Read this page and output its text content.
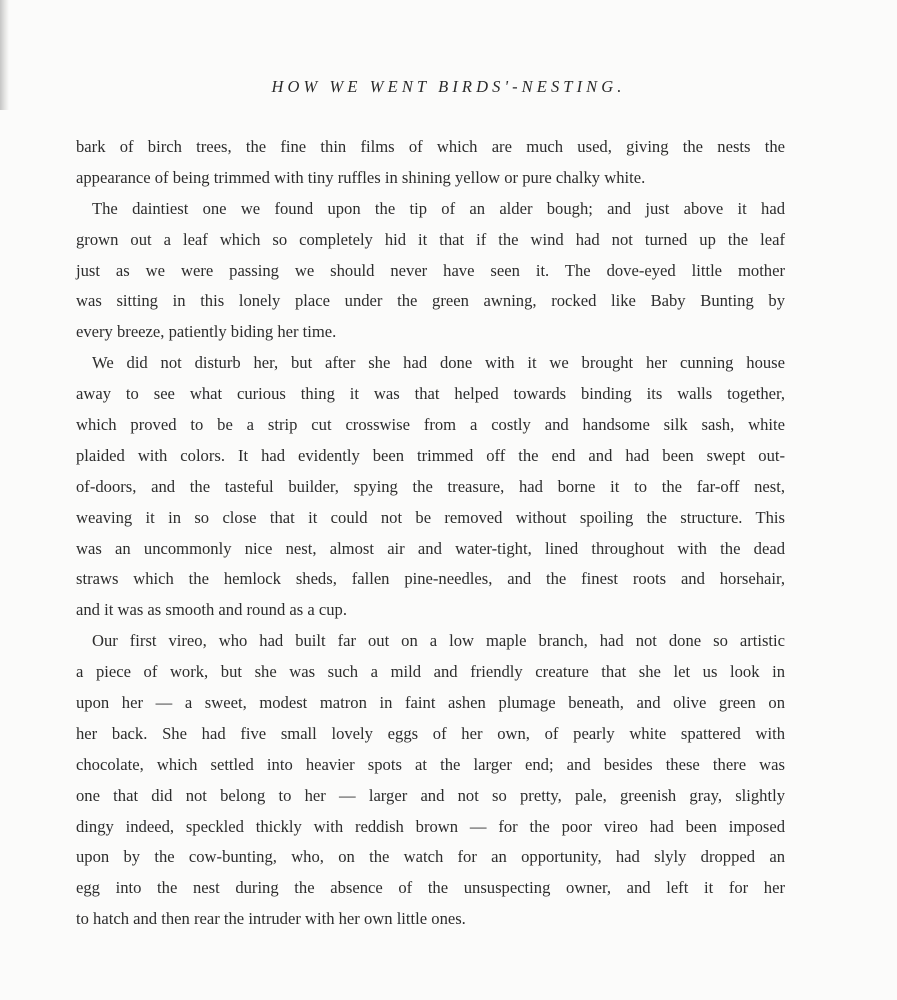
HOW WE WENT BIRDS'-NESTING.
bark of birch trees, the fine thin films of which are much used, giving the nests the
appearance of being trimmed with tiny ruffles in shining yellow or pure chalky white.
The daintiest one we found upon the tip of an alder bough; and just above it had
grown out a leaf which so completely hid it that if the wind had not turned up the leaf
just as we were passing we should never have seen it. The dove-eyed little mother
was sitting in this lonely place under the green awning, rocked like Baby Bunting by
every breeze, patiently biding her time.
We did not disturb her, but after she had done with it we brought her cunning house
away to see what curious thing it was that helped towards binding its walls together,
which proved to be a strip cut crosswise from a costly and handsome silk sash, white
plaided with colors. It had evidently been trimmed off the end and had been swept out-
of-doors, and the tasteful builder, spying the treasure, had borne it to the far-off nest,
weaving it in so close that it could not be removed without spoiling the structure. This
was an uncommonly nice nest, almost air and water-tight, lined throughout with the dead
straws which the hemlock sheds, fallen pine-needles, and the finest roots and horsehair,
and it was as smooth and round as a cup.
Our first vireo, who had built far out on a low maple branch, had not done so artistic
a piece of work, but she was such a mild and friendly creature that she let us look in
upon her — a sweet, modest matron in faint ashen plumage beneath, and olive green on
her back. She had five small lovely eggs of her own, of pearly white spattered with
chocolate, which settled into heavier spots at the larger end; and besides these there was
one that did not belong to her — larger and not so pretty, pale, greenish gray, slightly
dingy indeed, speckled thickly with reddish brown — for the poor vireo had been imposed
upon by the cow-bunting, who, on the watch for an opportunity, had slyly dropped an
egg into the nest during the absence of the unsuspecting owner, and left it for her
to hatch and then rear the intruder with her own little ones.
